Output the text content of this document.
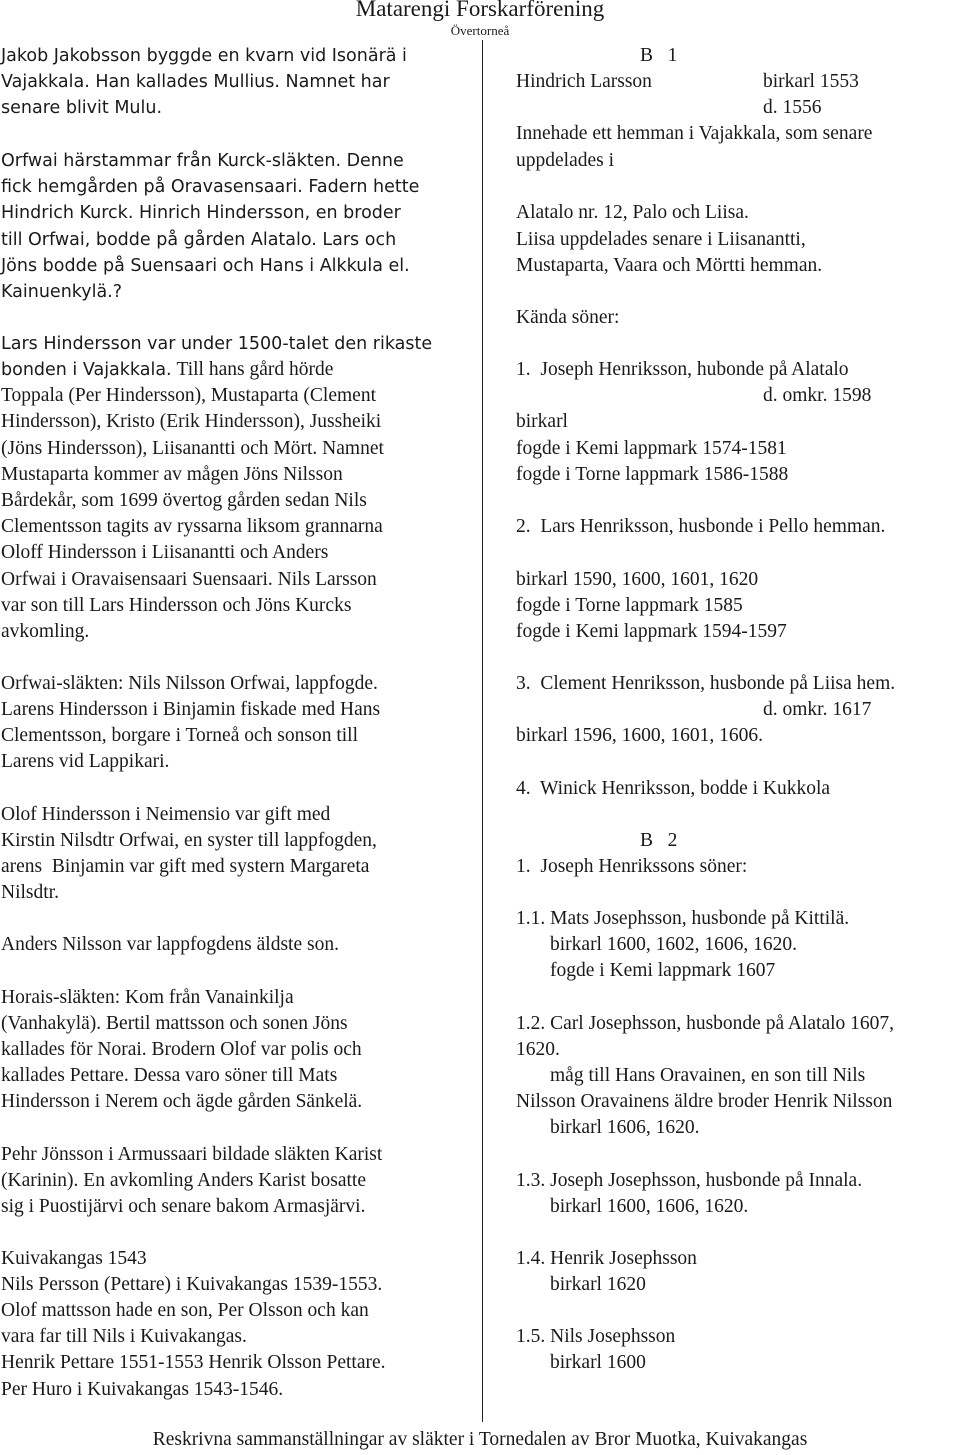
Matarengi Forskarförening
Övertorneå
Jakob Jakobsson byggde en kvarn vid Isonärä i
Vajakkala. Han kallades Mullius. Namnet har
senare blivit Mulu.
Orfwai härstammar från Kurck-släkten. Denne
fick hemgården på Oravasensaari. Fadern hette
Hindrich Kurck. Hinrich Hindersson, en broder
till Orfwai, bodde på gården Alatalo. Lars och
Jöns bodde på Suensaari och Hans i Alkkula el.
Kainuenkylä.?
Lars Hindersson var under 1500-talet den rikaste
bonden i Vajakkala. Till hans gård hörde
Toppala (Per Hindersson), Mustaparta (Clement
Hindersson), Kristo (Erik Hindersson), Jussheiki
(Jöns Hindersson), Liisanantti och Mört. Namnet
Mustaparta kommer av mågen Jöns Nilsson
Bårdekår, som 1699 övertog gården sedan Nils
Clementsson tagits av ryssarna liksom grannarna
Oloff Hindersson i Liisanantti och Anders
Orfwai i Oravaisensaari Suensaari. Nils Larsson
var son till Lars Hindersson och Jöns Kurcks
avkomling.
Orfwai-släkten: Nils Nilsson Orfwai, lappfogde.
Larens Hindersson i Binjamin fiskade med Hans
Clementsson, borgare i Torneå och sonson till
Larens vid Lappikari.
Olof Hindersson i Neimensio var gift med
Kirstin Nilsdtr Orfwai, en syster till lappfogden,
arens  Binjamin var gift med systern Margareta
Nilsdtr.
Anders Nilsson var lappfogdens äldste son.
Horais-släkten: Kom från Vanainkilja
(Vanhakylä). Bertil mattsson och sonen Jöns
kallades för Norai. Brodern Olof var polis och
kallades Pettare. Dessa varo söner till Mats
Hindersson i Nerem och ägde gården Sänkelä.
Pehr Jönsson i Armussaari bildade släkten Karist
(Karinin). En avkomling Anders Karist bosatte
sig i Puostijärvi och senare bakom Armasjärvi.
Kuivakangas 1543
Nils Persson (Pettare) i Kuivakangas 1539-1553.
Olof mattsson hade en son, Per Olsson och kan
vara far till Nils i Kuivakangas.
Henrik Pettare 1551-1553 Henrik Olsson Pettare.
Per Huro i Kuivakangas 1543-1546.
B   1
Hindrich Larsson	birkarl 1553
d. 1556
Innehade ett hemman i Vajakkala, som senare
uppdelades i
Alatalo nr. 12, Palo och Liisa.
Liisa uppdelades senare i Liisanantti,
Mustaparta, Vaara och Mörtti hemman.
Kända söner:
1.  Joseph Henriksson, hubonde på Alatalo
d. omkr. 1598
birkarl
fogde i Kemi lappmark 1574-1581
fogde i Torne lappmark 1586-1588
2.  Lars Henriksson, husbonde i Pello hemman.
birkarl 1590, 1600, 1601, 1620
fogde i Torne lappmark 1585
fogde i Kemi lappmark 1594-1597
3.  Clement Henriksson, husbonde på Liisa hem.
d. omkr. 1617
birkarl 1596, 1600, 1601, 1606.
4.  Winick Henriksson, bodde i Kukkola
B   2
1.  Joseph Henrikssons söner:
1.1. Mats Josephsson, husbonde på Kittilä.
birkarl 1600, 1602, 1606, 1620.
fogde i Kemi lappmark 1607
1.2. Carl Josephsson, husbonde på Alatalo 1607,
1620.
måg till Hans Oravainen, en son till Nils
Nilsson Oravainens äldre broder Henrik Nilsson
birkarl 1606, 1620.
1.3. Joseph Josephsson, husbonde på Innala.
birkarl 1600, 1606, 1620.
1.4. Henrik Josephsson
birkarl 1620
1.5. Nils Josephsson
birkarl 1600
Reskrivna sammanställningar av släkter i Tornedalen av Bror Muotka, Kuivakangas
